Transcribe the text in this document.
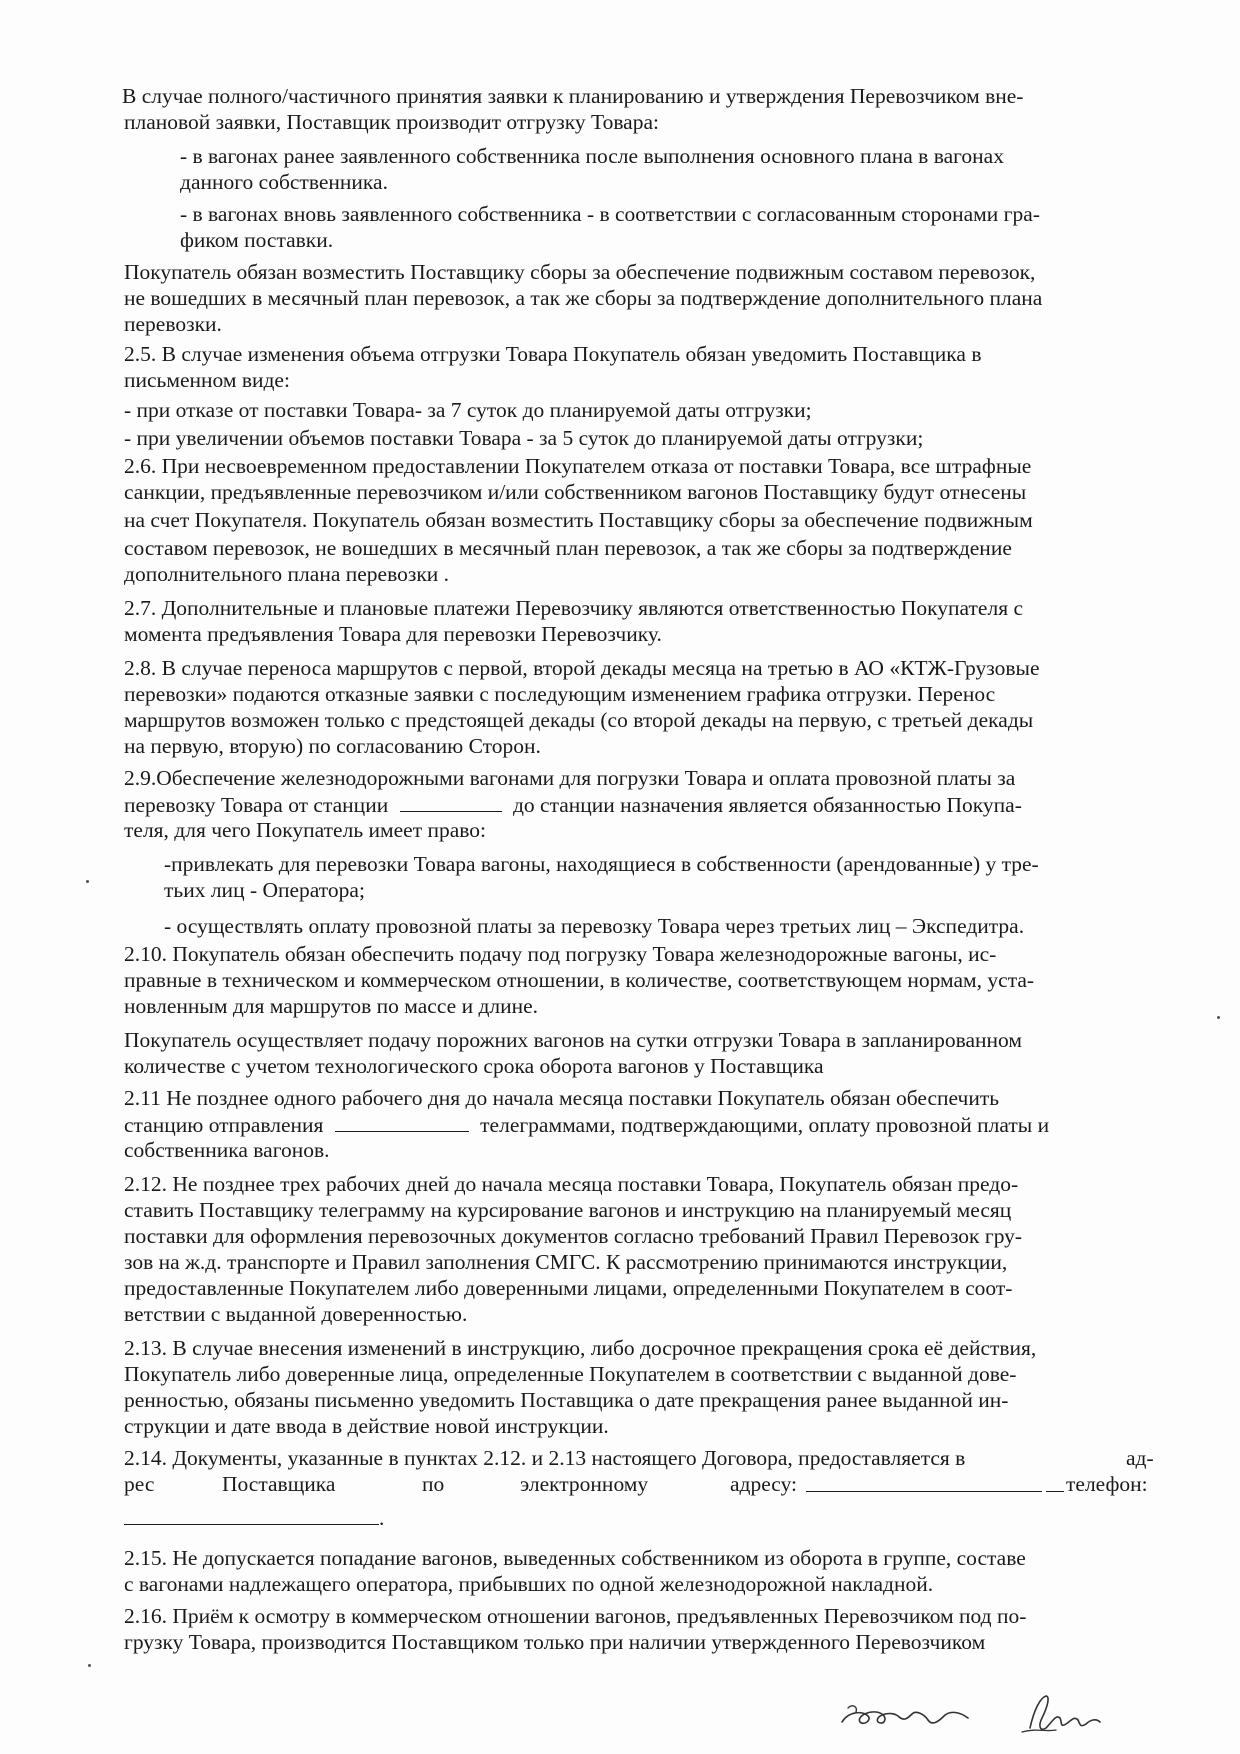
В случае полного/частичного принятия заявки к планированию и утверждения Перевозчиком вне-
плановой заявки, Поставщик производит отгрузку Товара:
- в вагонах ранее заявленного собственника после выполнения основного плана в вагонах
данного собственника.
- в вагонах вновь заявленного собственника - в соответствии с согласованным сторонами гра-
фиком поставки.
Покупатель обязан возместить Поставщику сборы за обеспечение подвижным составом перевозок,
не вошедших в месячный план перевозок, а так же сборы за подтверждение дополнительного плана
перевозки.
2.5. В случае изменения объема отгрузки Товара Покупатель обязан уведомить Поставщика в
письменном виде:
- при отказе от поставки Товара- за 7 суток до планируемой даты отгрузки;
- при увеличении объемов поставки Товара - за 5 суток до планируемой даты отгрузки;
2.6. При несвоевременном предоставлении Покупателем отказа от поставки Товара, все штрафные
санкции, предъявленные перевозчиком и/или собственником вагонов Поставщику будут отнесены
на счет Покупателя. Покупатель обязан возместить Поставщику сборы за обеспечение подвижным
составом перевозок, не вошедших в месячный план перевозок, а так же сборы за подтверждение
дополнительного плана перевозки .
2.7. Дополнительные и плановые платежи Перевозчику являются ответственностью Покупателя с
момента предъявления Товара для перевозки Перевозчику.
2.8. В случае переноса маршрутов с первой, второй декады месяца на третью в АО «КТЖ-Грузовые
перевозки» подаются отказные заявки с последующим изменением графика отгрузки. Перенос
маршрутов возможен только с предстоящей декады (со второй декады на первую, с третьей декады
на первую, вторую) по согласованию Сторон.
2.9.Обеспечение железнодорожными вагонами для погрузки Товара и оплата провозной платы за
перевозку Товара от станции	до станции назначения является обязанностью Покупа-
теля, для чего Покупатель имеет право:
-привлекать для перевозки Товара вагоны, находящиеся в собственности (арендованные) у тре-
тьих лиц - Оператора;
- осуществлять оплату провозной платы за перевозку Товара через третьих лиц – Экспедитра.
2.10. Покупатель обязан обеспечить подачу под погрузку Товара железнодорожные вагоны, ис-
правные в техническом и коммерческом отношении, в количестве, соответствующем нормам, уста-
новленным для маршрутов по массе и длине.
Покупатель осуществляет подачу порожних вагонов на сутки отгрузки Товара в запланированном
количестве с учетом технологического срока оборота вагонов у Поставщика
2.11 Не позднее одного рабочего дня до начала месяца поставки Покупатель обязан обеспечить
станцию отправления	телеграммами, подтверждающими, оплату провозной платы и
собственника вагонов.
2.12. Не позднее трех рабочих дней до начала месяца поставки Товара, Покупатель обязан предо-
ставить Поставщику телеграмму на курсирование вагонов и инструкцию на планируемый месяц
поставки для оформления перевозочных документов согласно требований Правил Перевозок гру-
зов на ж.д. транспорте и Правил заполнения СМГС. К рассмотрению принимаются инструкции,
предоставленные Покупателем либо доверенными лицами, определенными Покупателем в соот-
ветствии с выданной доверенностью.
2.13. В случае внесения изменений в инструкцию, либо досрочное прекращения срока её действия,
Покупатель либо доверенные лица, определенные Покупателем в соответствии с выданной дове-
ренностью, обязаны письменно уведомить Поставщика о дате прекращения ранее выданной ин-
струкции и дате ввода в действие новой инструкции.
2.14. Документы, указанные в пунктах 2.12. и 2.13 настоящего Договора, предоставляется в	ад-
рес	Поставщика	по	электронному	адресу:	телефон:
.
2.15. Не допускается попадание вагонов, выведенных собственником из оборота в группе, составе
с вагонами надлежащего оператора, прибывших по одной железнодорожной накладной.
2.16. Приём к осмотру в коммерческом отношении вагонов, предъявленных Перевозчиком под по-
грузку Товара, производится Поставщиком только при наличии утвержденного Перевозчиком
